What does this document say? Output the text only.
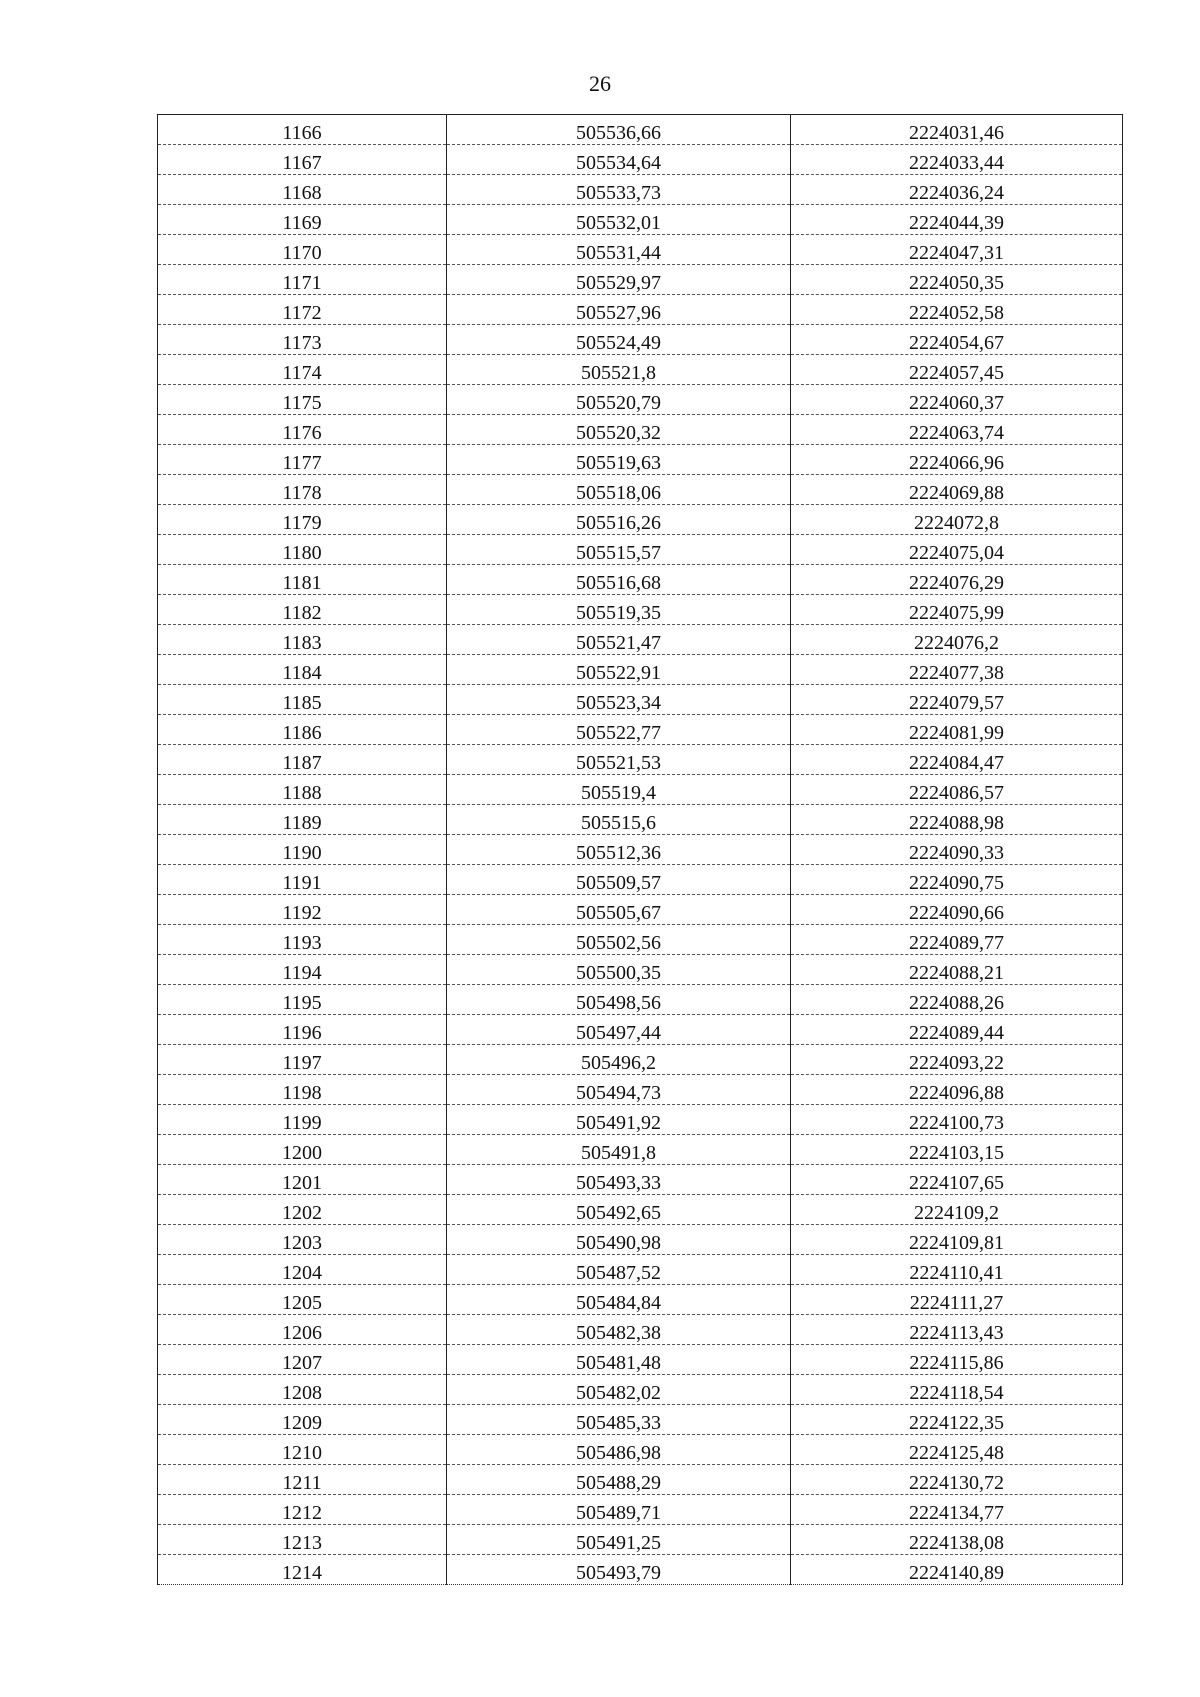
26
1166	505536,66	2224031,46
1167	505534,64	2224033,44
1168	505533,73	2224036,24
1169	505532,01	2224044,39
1170	505531,44	2224047,31
1171	505529,97	2224050,35
1172	505527,96	2224052,58
1173	505524,49	2224054,67
1174	505521,8	2224057,45
1175	505520,79	2224060,37
1176	505520,32	2224063,74
1177	505519,63	2224066,96
1178	505518,06	2224069,88
1179	505516,26	2224072,8
1180	505515,57	2224075,04
1181	505516,68	2224076,29
1182	505519,35	2224075,99
1183	505521,47	2224076,2
1184	505522,91	2224077,38
1185	505523,34	2224079,57
1186	505522,77	2224081,99
1187	505521,53	2224084,47
1188	505519,4	2224086,57
1189	505515,6	2224088,98
1190	505512,36	2224090,33
1191	505509,57	2224090,75
1192	505505,67	2224090,66
1193	505502,56	2224089,77
1194	505500,35	2224088,21
1195	505498,56	2224088,26
1196	505497,44	2224089,44
1197	505496,2	2224093,22
1198	505494,73	2224096,88
1199	505491,92	2224100,73
1200	505491,8	2224103,15
1201	505493,33	2224107,65
1202	505492,65	2224109,2
1203	505490,98	2224109,81
1204	505487,52	2224110,41
1205	505484,84	2224111,27
1206	505482,38	2224113,43
1207	505481,48	2224115,86
1208	505482,02	2224118,54
1209	505485,33	2224122,35
1210	505486,98	2224125,48
1211	505488,29	2224130,72
1212	505489,71	2224134,77
1213	505491,25	2224138,08
1214	505493,79	2224140,89
